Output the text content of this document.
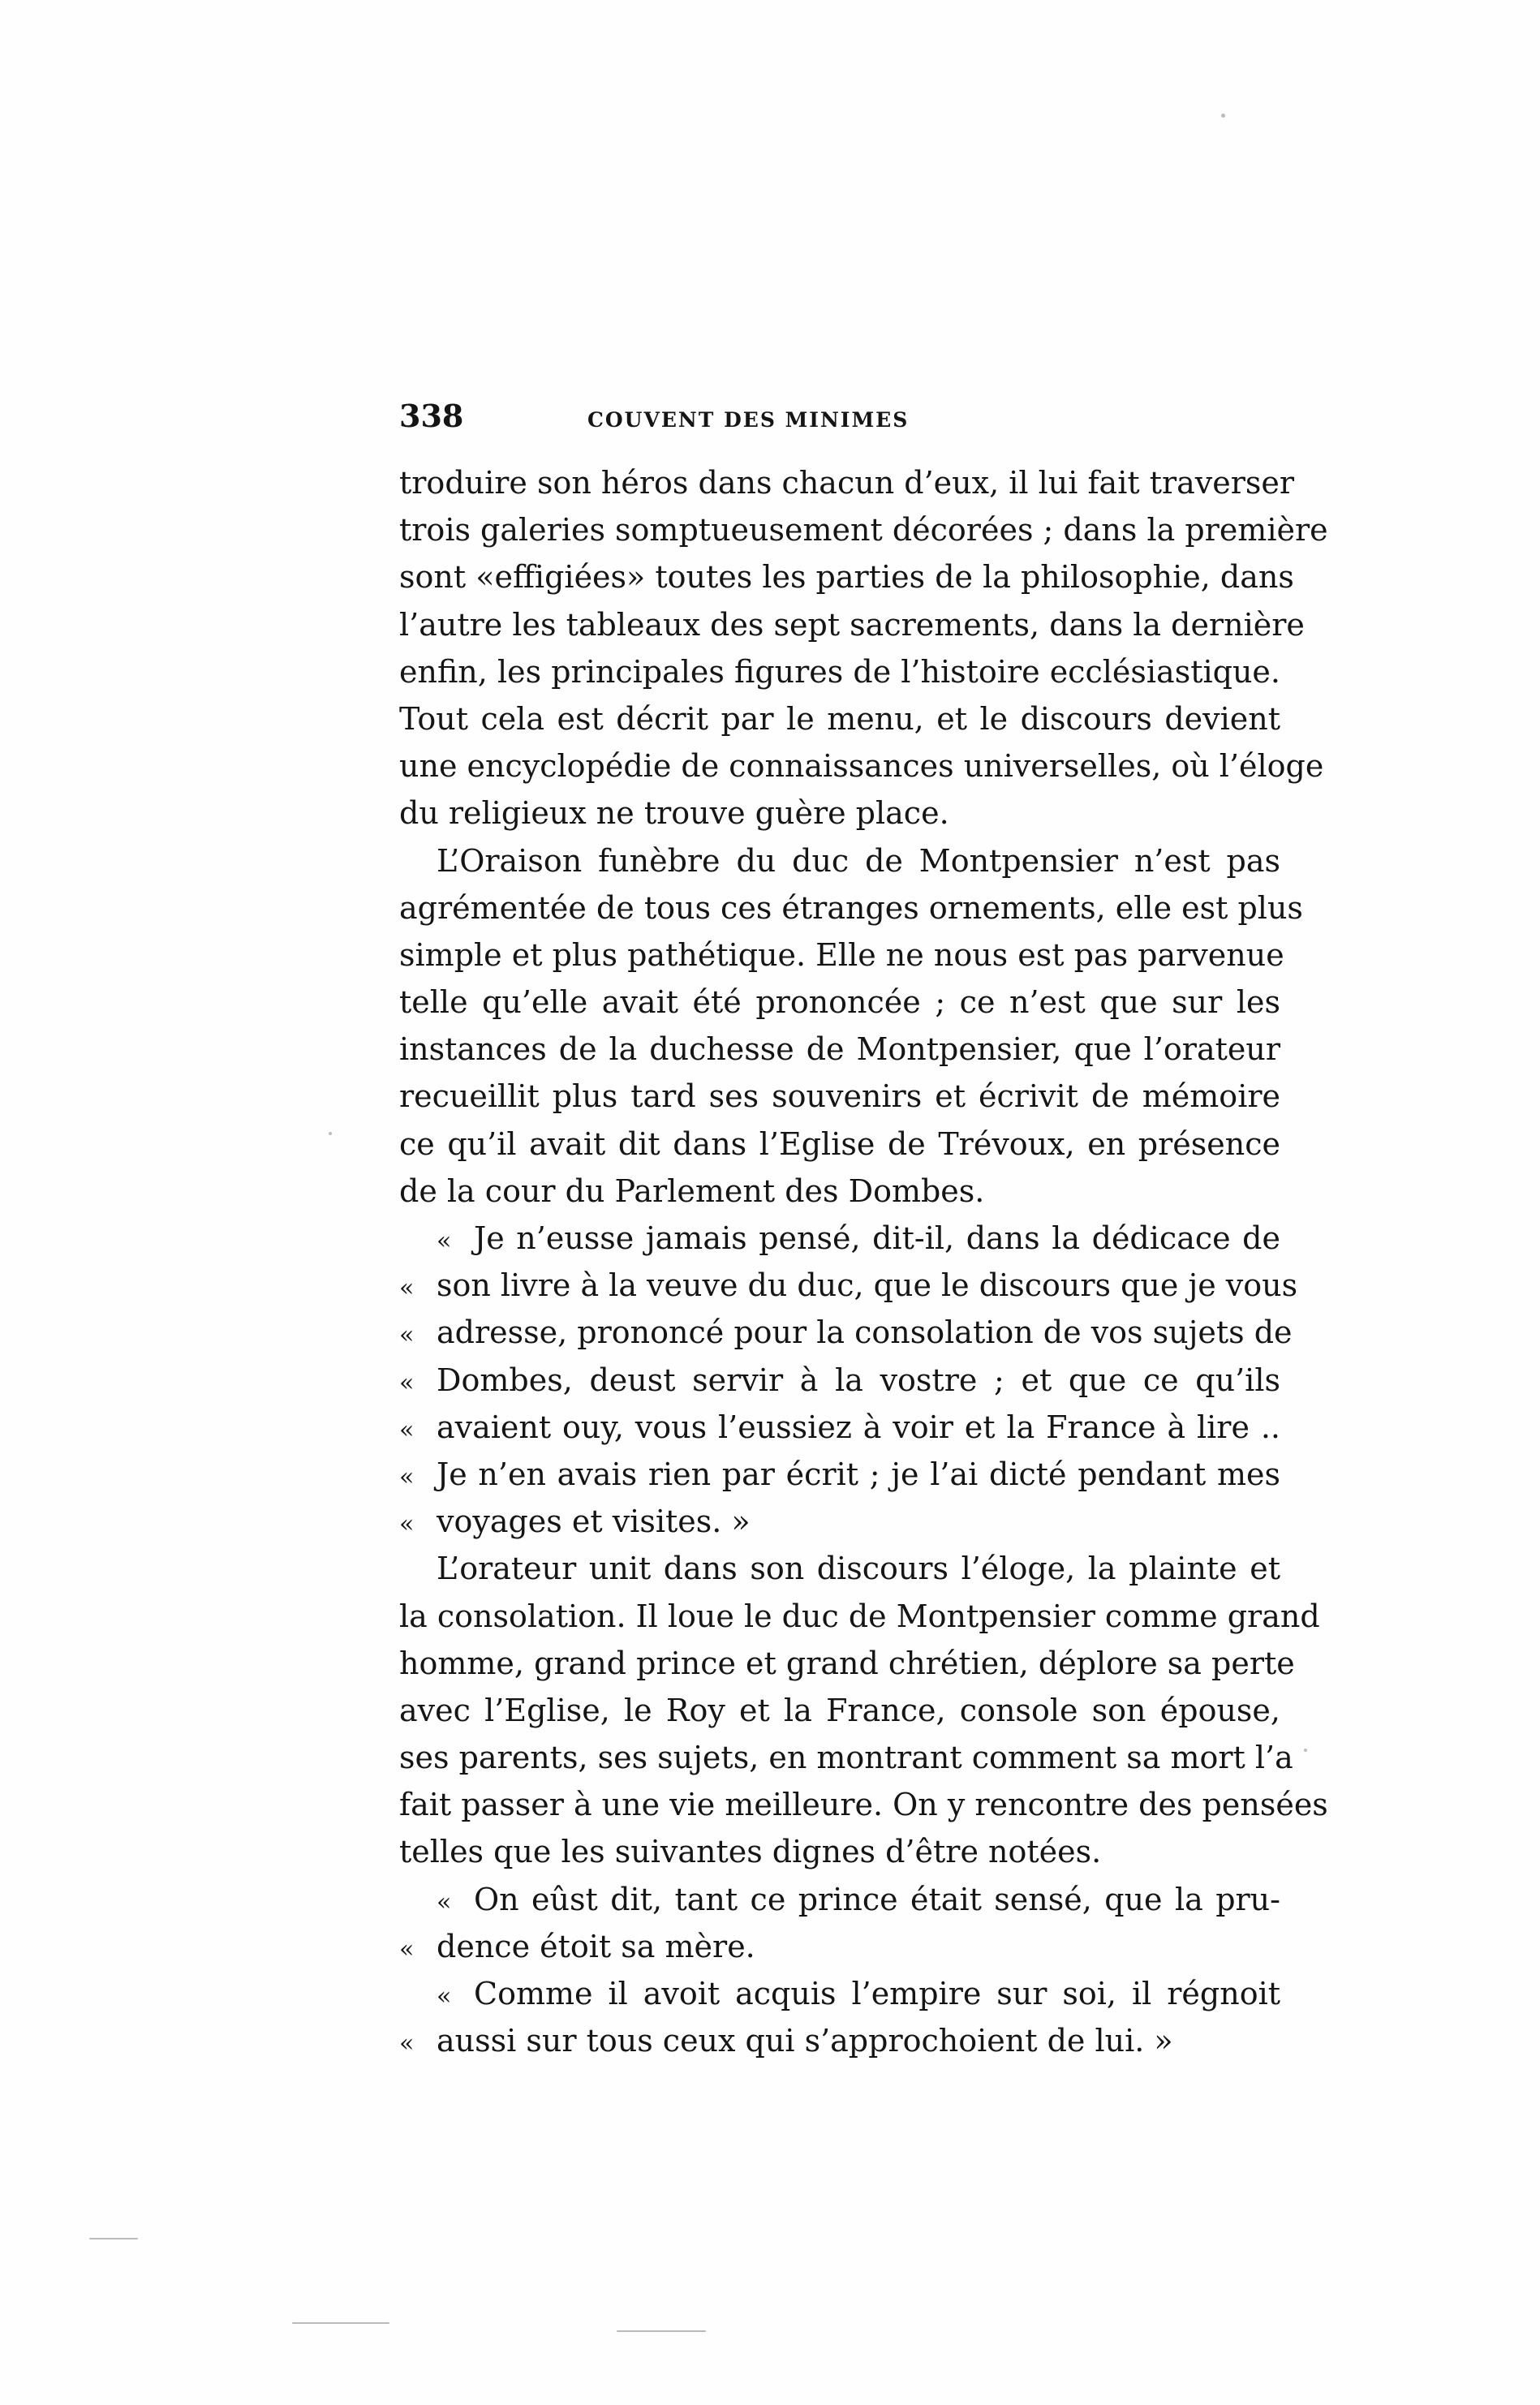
338	COUVENT DES MINIMES
troduire son héros dans chacun d’eux, il lui fait traverser
trois galeries somptueusement décorées ; dans la première
sont «effigiées» toutes les parties de la philosophie, dans
l’autre les tableaux des sept sacrements, dans la dernière
enfin, les principales figures de l’histoire ecclésiastique.
Tout cela est décrit par le menu, et le discours devient
une encyclopédie de connaissances universelles, où l’éloge
du religieux ne trouve guère place.
L’Oraison funèbre du duc de Montpensier n’est pas
agrémentée de tous ces étranges ornements, elle est plus
simple et plus pathétique. Elle ne nous est pas parvenue
telle qu’elle avait été prononcée ; ce n’est que sur les
instances de la duchesse de Montpensier, que l’orateur
recueillit plus tard ses souvenirs et écrivit de mémoire
ce qu’il avait dit dans l’Eglise de Trévoux, en présence
de la cour du Parlement des Dombes.
« Je n’eusse jamais pensé, dit-il, dans la dédicace de
« son livre à la veuve du duc, que le discours que je vous
« adresse, prononcé pour la consolation de vos sujets de
« Dombes, deust servir à la vostre ; et que ce qu’ils
« avaient ouy, vous l’eussiez à voir et la France à lire ..
« Je n’en avais rien par écrit ; je l’ai dicté pendant mes
« voyages et visites. »
L’orateur unit dans son discours l’éloge, la plainte et
la consolation. Il loue le duc de Montpensier comme grand
homme, grand prince et grand chrétien, déplore sa perte
avec l’Eglise, le Roy et la France, console son épouse,
ses parents, ses sujets, en montrant comment sa mort l’a
fait passer à une vie meilleure. On y rencontre des pensées
telles que les suivantes dignes d’être notées.
« On eûst dit, tant ce prince était sensé, que la pru-
« dence étoit sa mère.
« Comme il avoit acquis l’empire sur soi, il régnoit
« aussi sur tous ceux qui s’approchoient de lui. »
